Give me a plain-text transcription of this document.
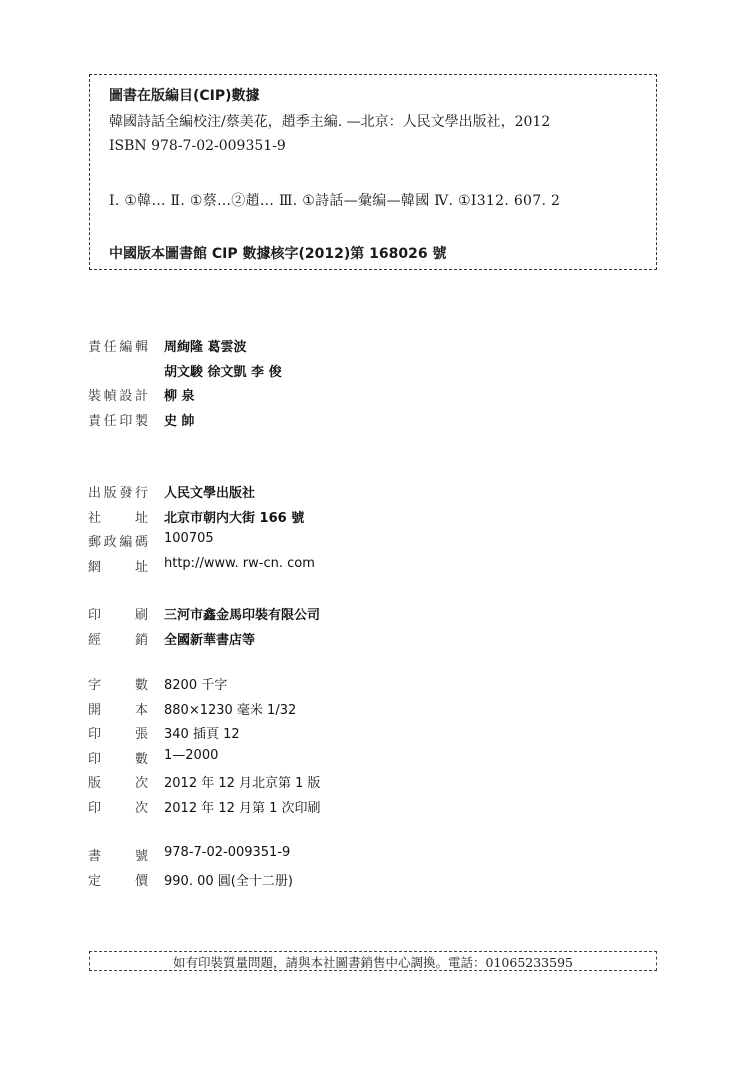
圖書在版編目(CIP)數據
韓國詩話全編校注/蔡美花，趙季主編. —北京：人民文學出版社，2012
ISBN 978-7-02-009351-9
Ⅰ. ①韓… Ⅱ. ①蔡…②趙… Ⅲ. ①詩話—彙编—韓國 Ⅳ. ①I312. 607. 2
中國版本圖書館 CIP 數據核字(2012)第 168026 號
責任編輯 周絢隆 葛雲波
胡文駿 徐文凱 李 俊
裝幀設計 柳 泉
責任印製 史 帥
出版發行 人民文學出版社
社 址 北京市朝内大街 166 號
郵政編碼 100705
網 址 http://www. rw-cn. com
印 刷 三河市鑫金馬印裝有限公司
經 銷 全國新華書店等
字 數 8200 千字
開 本 880×1230 毫米 1/32
印 張 340 插頁 12
印 數 1—2000
版 次 2012 年 12 月北京第 1 版
印 次 2012 年 12 月第 1 次印刷
書 號 978-7-02-009351-9
定 價 990. 00 圓(全十二册)
如有印裝質量問題，請與本社圖書銷售中心調換。電話：01065233595
